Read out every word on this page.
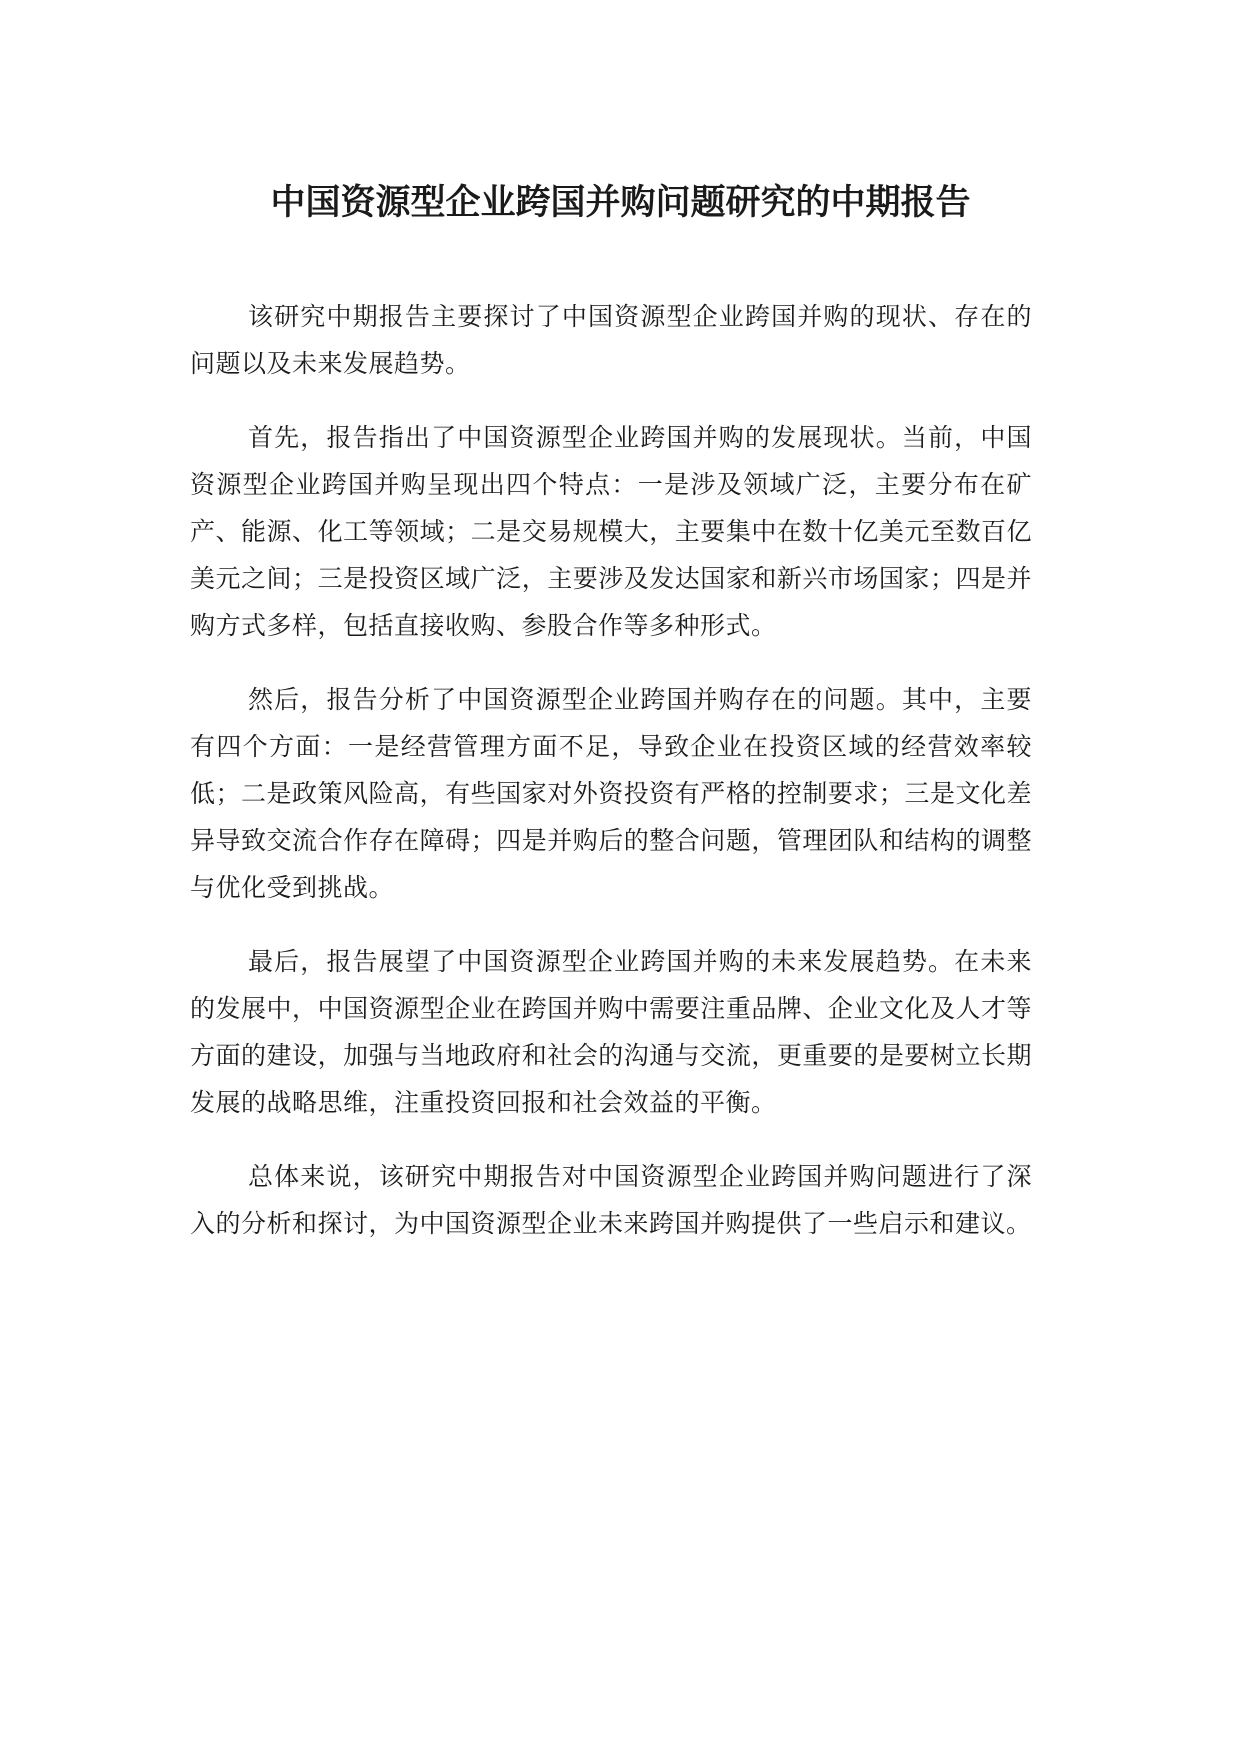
中国资源型企业跨国并购问题研究的中期报告

该研究中期报告主要探讨了中国资源型企业跨国并购的现状、存在的问题以及未来发展趋势。

首先，报告指出了中国资源型企业跨国并购的发展现状。当前，中国资源型企业跨国并购呈现出四个特点：一是涉及领域广泛，主要分布在矿产、能源、化工等领域；二是交易规模大，主要集中在数十亿美元至数百亿美元之间；三是投资区域广泛，主要涉及发达国家和新兴市场国家；四是并购方式多样，包括直接收购、参股合作等多种形式。

然后，报告分析了中国资源型企业跨国并购存在的问题。其中，主要有四个方面：一是经营管理方面不足，导致企业在投资区域的经营效率较低；二是政策风险高，有些国家对外资投资有严格的控制要求；三是文化差异导致交流合作存在障碍；四是并购后的整合问题，管理团队和结构的调整与优化受到挑战。

最后，报告展望了中国资源型企业跨国并购的未来发展趋势。在未来的发展中，中国资源型企业在跨国并购中需要注重品牌、企业文化及人才等方面的建设，加强与当地政府和社会的沟通与交流，更重要的是要树立长期发展的战略思维，注重投资回报和社会效益的平衡。

总体来说，该研究中期报告对中国资源型企业跨国并购问题进行了深入的分析和探讨，为中国资源型企业未来跨国并购提供了一些启示和建议。
